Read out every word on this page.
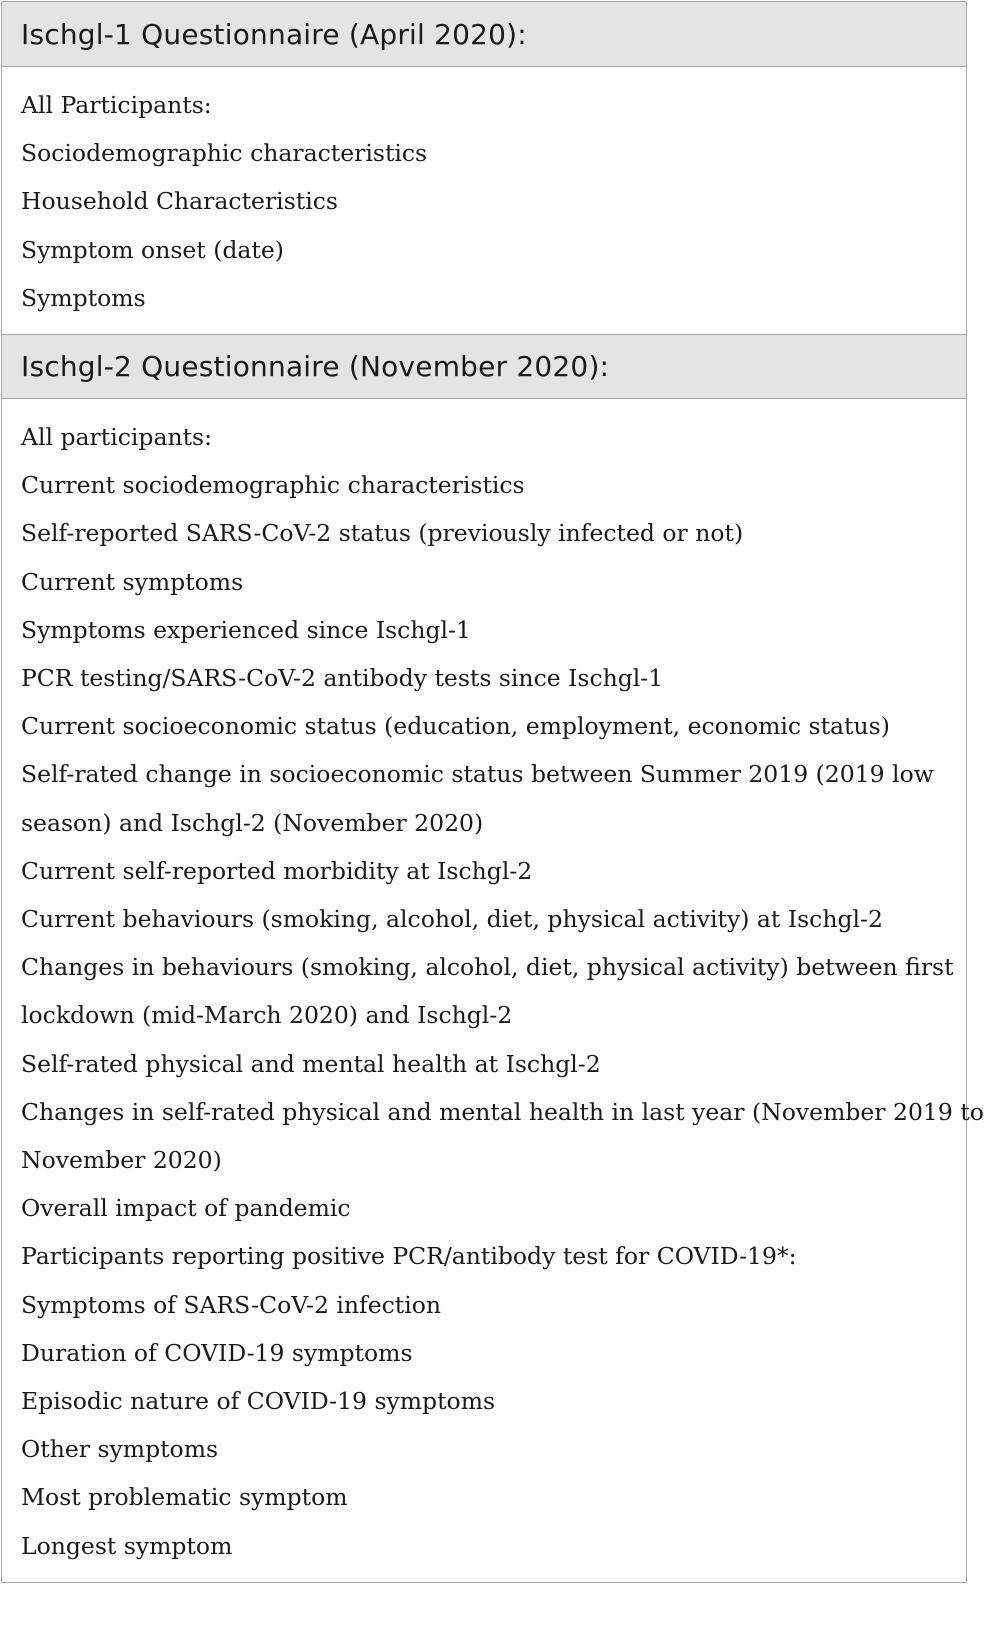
Ischgl-1 Questionnaire (April 2020):
All Participants:
Sociodemographic characteristics
Household Characteristics
Symptom onset (date)
Symptoms
Ischgl-2 Questionnaire (November 2020):
All participants:
Current sociodemographic characteristics
Self-reported SARS-CoV-2 status (previously infected or not)
Current symptoms
Symptoms experienced since Ischgl-1
PCR testing/SARS-CoV-2 antibody tests since Ischgl-1
Current socioeconomic status (education, employment, economic status)
Self-rated change in socioeconomic status between Summer 2019 (2019 low
season) and Ischgl-2 (November 2020)
Current self-reported morbidity at Ischgl-2
Current behaviours (smoking, alcohol, diet, physical activity) at Ischgl-2
Changes in behaviours (smoking, alcohol, diet, physical activity) between first
lockdown (mid-March 2020) and Ischgl-2
Self-rated physical and mental health at Ischgl-2
Changes in self-rated physical and mental health in last year (November 2019 to
November 2020)
Overall impact of pandemic
Participants reporting positive PCR/antibody test for COVID-19*:
Symptoms of SARS-CoV-2 infection
Duration of COVID-19 symptoms
Episodic nature of COVID-19 symptoms
Other symptoms
Most problematic symptom
Longest symptom
